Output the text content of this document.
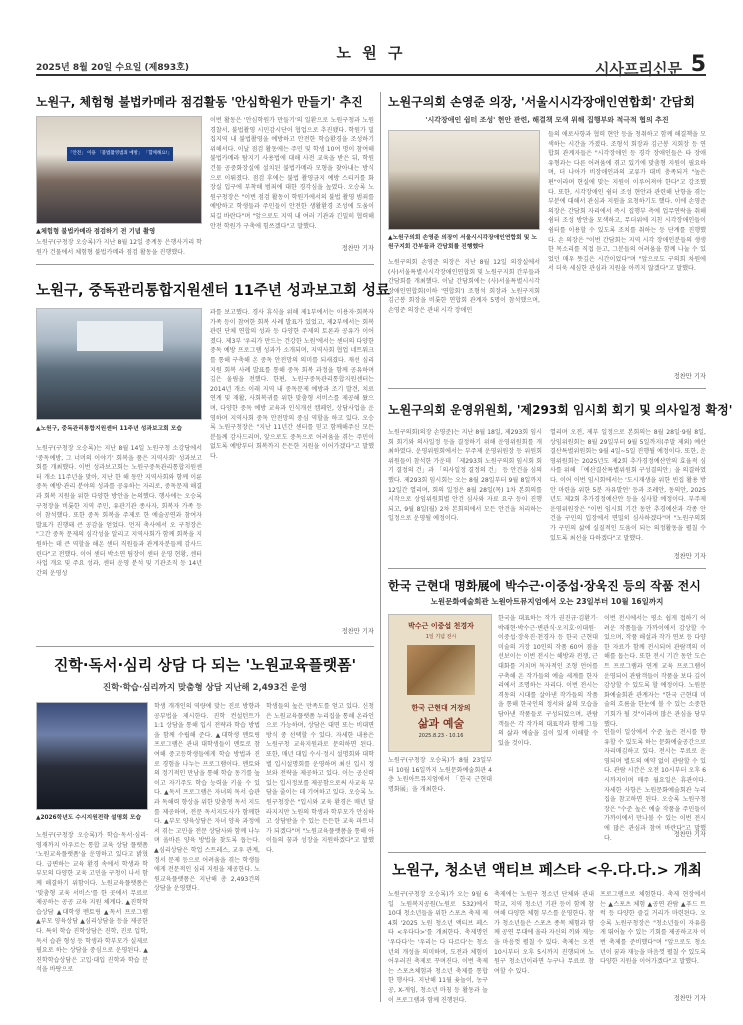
노 원 구
2025년 8월 20일 수요일 (제893호)	시사프리신문 5
노원구, 체험형 불법카메라 점검활동 '안심학원가 만들기' 추진
「안전」 이용 「불법촬영범죄 예방」 「함께해요!」
▲체험형 불법카메라 점검하기 전 기념 촬영
노원구(구청장 오승록)가 지난 8월 12일 중계동 은행사거리 학원가 건물에서 체험형 불법카메라 점검 활동을 진행했다.
이번 활동은 '안심학원가 만들기'의 일환으로 노원구청과 노원경찰서, 불법촬영 시민감시단이 협업으로 추진됐다. 학원가 밀집지역 내 불법촬영을 예방하고 안전한 학습환경을 조성하기 위해서다. 이날 점검 활동에는 주민 및 학생 10여 명이 참여해 불법카메라 탐지기 사용법에 대해 사전 교육을 받은 뒤, 학원 건물 공중화장실에 설치된 불법카메라 모형을 찾아내는 방식으로 이뤄졌다. 점검 후에는 불법 촬영금지 예방 스티커를 화장실 입구에 부착해 범죄에 대한 경각심을 높였다. 오승록 노원구청장은 "이번 점검 활동이 학원가에서의 불법 촬영 범죄를 예방하고 학생들과 주민들이 안전한 생활환경 조성에 도움이 되길 바란다"며 "앞으로도 지역 내 여러 기관과 긴밀히 협력해 안전 학원가 구축에 힘쓰겠다"고 말했다.
정찬만 기자
노원구, 중독관리통합지원센터 11주년 성과보고회 성료
▲노원구, 중독관리통합지원센터 11주년 성과보고회 모습
노원구(구청장 오승록)는 지난 8월 14일 노원구청 소강당에서 '중독예방, 그 너머의 이야기' 회복을 품은 지역사회' 성과보고회를 개최했다. 이번 성과보고회는 노원구중독관리통합지원센터 개소 11주년을 맞아, 지난 한 해 동안 지역사회와 함께 이룬 중독 예방·관리 분야의 성과를 공유하는 자리로, 중독문제 해결과 회복 지원을 위한 다양한 방안을 논의했다. 행사에는 오승록 구청장을 비롯한 지역 주민, 유관기관 종사자, 회복자 가족 등이 참석했다. 또한 중독 회복을 주제로 한 예술공연과 참여자 발표가 진행돼 큰 공감을 얻었다. 먼저 축사에서 오 구청장은 "그간 중독 문제의 심각성을 알리고 지역사회가 함께 회복을 지원하는 데 큰 역할을 해온 센터 직원들과 관계자분들께 감사드린다"고 전했다. 이어 센터 박소연 팀장이 센터 운영 현황, 센터 사업 개요 및 주요 성과, 센터 운영 분석 및 기관조직 등 14년간의 운영성
과를 보고했다. 경사 휴식을 위해 제1부에서는 이용자·회복자 가족 등이 참여한 회복 사례 발표가 있었고, 제2부에서는 회복 관련 단체 연합의 성과 등 다양한 주제의 토론과 공유가 이어졌다. 제3부 '우리가 만드는 건강한 노원'에서는 센터의 다양한 중독 예방 프로그램 성과가 소개되며, 지역사회 협업 네트워크를 통해 구축해 온 중독 안전망의 의미를 되새겼다. 재선 심리 지원 회복 사례 발표를 통해 중독 회복 과정을 함께 공유하며 깊은 울림을 전했다. 한편, 노원구중독관리통합지원센터는 2014년 개소 이래 지역 내 중독문제 예방과 조기 발견, 치료 연계 및 재활, 사회복귀를 위한 맞춤형 서비스를 제공해 왔으며, 다양한 중독 예방 교육과 인식개선 캠페인, 상담사업을 운영하며 지역사회 중독 안전망의 중심 역할을 하고 있다. 오승록 노원구청장은 "지난 11년간 센터를 믿고 함께해주신 모든 분들께 감사드리며, 앞으로도 중독으로 어려움을 겪는 주민이 없도록 예방부터 회복까지 든든한 지원을 이어가겠다"고 말했다.
정찬만 기자
진학·독서·심리 상담 다 되는 '노원교육플랫폼'
진학·학습·심리까지 맞춤형 상담 지난해 2,493건 운영
▲2026학년도 수시지원전략 설명회 모습
노원구(구청장 오승록)가 학습·독서·심리·영재까지 아우르는 통합 교육 상담 플랫폼 '노원교육플랫폼'을 운영하고 있다고 밝혔다. 급변하는 교육 환경 속에서 학생과 학부모의 다양한 교육 고민을 구청이 나서 함께 해결하기 위함이다. 노원교육플랫폼은 '맞춤형 교육 서비스'를 한 곳에서 무료로 제공하는 공공 교육 지원 체계다. ▲진학학습상담 ▲대학생 멘토링 ▲독서 프로그램 ▲부모 양육상담 ▲심리상담을 등을 제공한다. 특히 학습 진학상담은 진학, 진로 입학, 독서 습관 형성 등 학생과 학부모가 실제로 필요로 하는 상담을 중심으로 운영된다. ▲진학학습상담은 고입·대입 진학과 학습 분석을 바탕으로
학생 개개인의 역량에 맞는 진로 방향과 공부법을 제시한다. 진학 컨설턴트가 1:1 상담을 통해 입시 전략과 학습 방법을 함께 수립해 준다. ▲대학생 멘토링 프로그램은 관내 대학생들이 멘토로 참여해 중고등학생들에게 학습 방법과 진로 경험을 나누는 프로그램이다. 멘토와의 정기적인 만남을 통해 학습 동기를 높이고 자기주도 학습 능력을 키울 수 있다. ▲독서 프로그램은 자녀의 독서 습관과 독해력 향상을 위한 맞춤형 독서 지도를 제공하며, 전문 독서지도사가 함께한다. ▲부모 양육상담은 자녀 양육 과정에서 겪는 고민을 전문 상담사와 함께 나누며 올바른 양육 방법을 찾도록 돕는다. ▲심리상담은 학업 스트레스, 교우 관계, 정서 문제 등으로 어려움을 겪는 학생들에게 전문적인 심리 지원을 제공한다. 노원교육플랫폼은 지난해 총 2,493건의 상담을 운영했다.
학생들의 높은 만족도를 얻고 있다. 신청은 노원교육플랫폼 누리집을 통해 온라인으로 가능하며, 상담은 대면 또는 비대면 방식 중 선택할 수 있다. 자세한 내용은 노원구청 교육지원과로 문의하면 된다. 또한, 매년 대입 수시·정시 설명회와 대학별 입시설명회를 운영하며 최신 입시 정보와 전략을 제공하고 있다. 이는 공신력 있는 입시정보를 제공함으로써 사교육 부담을 줄이는 데 기여하고 있다. 오승록 노원구청장은 "입시와 교육 환경은 매년 달라지지만 노원의 학생과 학부모가 안심하고 상담받을 수 있는 든든한 교육 파트너가 되겠다"며 "노원교육플랫폼을 통해 아이들의 꿈과 성장을 지원하겠다"고 말했다.
노원구의회 손영준 의장, '서울시시각장애인연합회' 간담회
'시각장애인 쉼터 조성' 현안 관련, 해결책 모색 위해 집행부와 적극적 협의 추진
▲노원구의회 손영준 의장이 서울시시각장애인연합회 및 노원구지회 간부들과 간담회를 진행했다
노원구의회 손영준 의장은 지난 8월 12일 의장실에서 (사)서울특별시시각장애인연합회 및 노원구지회 간부들과 간담회를 개최했다. 이날 간담회에는 (사)서울특별시시각장애인연합회(이하 '연합회') 조형석 회장과 노원구지회 김근봉 회장을 비롯한 연합회 관계자 5명이 참석했으며, 손영준 의장은 관내 시각 장애인
들의 애로사항과 협력 현안 등을 청취하고 함께 해결책을 모색하는 시간을 가졌다. 조형석 회장과 김근봉 지회장 등 연합회 관계자들은 "시각장애인 등 경각 장애인들은 타 장애 유형과는 다른 어려움에 겪고 있기에 맞춤형 지원이 필요하며, 더 나아가 비장애인과의 교류가 대비 충족되거 "높은 편"이라며 현실에 맞는 지원이 이루어져야 한다"고 강조했다. 또한, 시각장애인 쉼터 조성 현안과 관련해 난항을 겪는 부분에 대해서 관심과 지원을 요청하기도 했다. 이에 손영준 의장은 간담회 자리에서 즉시 집행부 측에 업무연락을 취해 쉼터 조성 방안을 모색하고, 무더위에 지친 시각장애인들이 쉼터를 이용할 수 있도록 조치를 취하는 등 단계를 진행했다. 손 의장은 "이번 간담회는 지역 시각 장애인분들의 생생한 목소리를 직접 듣고, 그분들의 어려움을 함께 나눌 수 있었던 매우 뜻깊은 시간이었다"며 "앞으로도 구의회 차원에서 더욱 세심한 관심과 지원을 아끼지 않겠다"고 말했다.
정찬만 기자
노원구의회 운영위원회, '제293회 임시회 회기 및 의사일정 확정'
노원구의회(의장 손영준)는 지난 8월 18일, 제293회 임시회 회기와 의사일정 등을 결정하기 위해 운영위원회를 개최하였다. 운영위원회에서는 부주제 운영위원장 등 위원회 위원들이 참석한 가운데 「제293회 노원구의회 임시회 회기 결정의 건」과 「의사일정 결정의 건」 등 안건을 심의했다. 제293회 임시회는 오는 8월 28일부터 9월 8일까지 12일간 열리며, 회의 일정은 8월 28일(목) 1차 본회의를 시작으로 상임위원회별 안건 심사와 자료 요구 등이 진행되고, 9월 8일(월) 2차 본회의에서 모든 안건을 처리하는 일정으로 운영될 예정이다.
열리며 오전, 제부 일정으로 본회의는 8월 28일·9월 8일, 상임위원회는 8월 29일부터 9월 5일까지(주말 제외) 예산결산특별위원회는 9월 4일~5일 진행될 예정이다. 또한, 운영위원회는 2025년도 제2회 추가경정예산안의 효율적 심사를 위해 「예산결산특별위원회 구성결의안」을 의결하였다. 이어 이번 임시회에서는 '도시재생을 위한 빈집 활용 방안 마련을 위한 5분 자유발언' 등과 조례안, 동의안, 2025년도 제2회 추가경정예산안 등을 심사할 예정이다. 부주제 운영위원장은 "이번 임시회 기간 동안 추경예산과 각종 안건을 구민의 입장에서 면밀히 심사하겠다"며 "노원구의회가 구민의 삶에 실질적인 도움이 되는 의정활동을 펼칠 수 있도록 최선을 다하겠다"고 말했다.
정찬만 기자
한국 근현대 명화展에 박수근·이중섭·장욱진 등의 작품 전시
노원문화예술회관 노원아트뮤지엄에서 오는 23일부터 10월 16일까지
박수근 이중섭 천경자
1일 기념 전시
한국 근현대 거장의
삶과 예술
2025.8.23 - 10.16
노원구(구청장 오승록)가 8월 23일부터 10월 16일까지 노원문화예술회관 4층 노원아트뮤지엄에서 「한국 근현대 명화展」을 개최한다.
한국을 대표하는 작가 권진규·김환기·박래현·박수근·변관식·오지호·이대원·이중섭·장욱진·천경자 등 한국 근현대 미술의 거장 10인의 작품 60여 점을 선보이는 이번 전시는 해방과 전쟁, 근대화를 거치며 독자적인 조형 언어를 구축해 온 작가들의 예술 세계를 한자리에서 조명하는 자리다. 이번 전시는 격동의 시대를 살아낸 작가들의 작품을 통해 한국인의 정서와 삶의 모습을 담아낸 작품들로 구성되었으며, 관람객들은 각 작가의 대표작과 함께 그들의 삶과 예술을 깊이 있게 이해할 수 있을 것이다.
이번 전시에서는 평소 쉽게 접하기 어려운 작품들을 가까이에서 감상할 수 있으며, 작품 해설과 작가 연보 등 다양한 자료가 함께 전시되어 관람객의 이해를 돕는다. 또한 전시 기간 동안 도슨트 프로그램과 연계 교육 프로그램이 운영되어 관람객들이 작품을 보다 깊이 감상할 수 있도록 할 예정이다. 노원문화예술회관 관계자는 "한국 근현대 미술의 흐름을 한눈에 볼 수 있는 소중한 기회가 될 것"이라며 많은 관심을 당부했다.
인들이 일상에서 수준 높은 전시를 향유할 수 있도록 하는 문화예술공간으로 자리매김하고 있다. 전시는 무료로 운영되며 별도의 예약 없이 관람할 수 있다. 관람 시간은 오전 10시부터 오후 6시까지이며 매주 월요일은 휴관이다. 자세한 사항은 노원문화예술회관 누리집을 참고하면 된다. 오승록 노원구청장은 "수준 높은 예술 작품을 주민들이 가까이에서 만나볼 수 있는 이번 전시에 많은 관심과 참여 바란다"고 말했다.
정찬만 기자
노원구, 청소년 액티브 페스타 <우.다.다.> 개최
노원구(구청장 오승록)가 오는 9월 6일 노원복지공원(노원로 532)에서 10대 청소년들을 위한 스포츠 축제 제4회 '2025 노원 청소년 액티브 페스타 <우다다>'를 개최한다. 축제명인 '우다다'는 '우리는 다 다르다'는 청소년의 개성을 의미하며, 도전과 체험이 어우러진 축제로 꾸며진다. 이번 축제는 스포츠체험과 청소년 축제를 통합한 행사다. 지난해 11월 윷놀이, 농구공, X-게임, 청소년 마칭 등 활동과 놀이 프로그램과 함께 진행된다.
축제에는 노원구 청소년 단체와 관내 학교, 지역 청소년 기관 등이 함께 참여해 다양한 체험 부스를 운영한다. 참가 청소년들은 스포츠 종목 체험과 함께 공연 무대에 올라 자신의 끼와 재능을 마음껏 펼칠 수 있다. 축제는 오전 10시부터 오후 5시까지 진행되며 노원구 청소년이라면 누구나 무료로 참여할 수 있다.
프로그램으로 체험한다. 축제 현장에서는 ▲스포츠 체험 ▲공연 관람 ▲푸드 트럭 등 다양한 즐길 거리가 마련된다. 오승록 노원구청장은 "청소년들이 자유롭게 뛰어놀 수 있는 기회를 제공하고자 이번 축제를 준비했다"며 "앞으로도 청소년이 꿈과 재능을 마음껏 펼칠 수 있도록 다양한 지원을 이어가겠다"고 말했다.
정찬만 기자
